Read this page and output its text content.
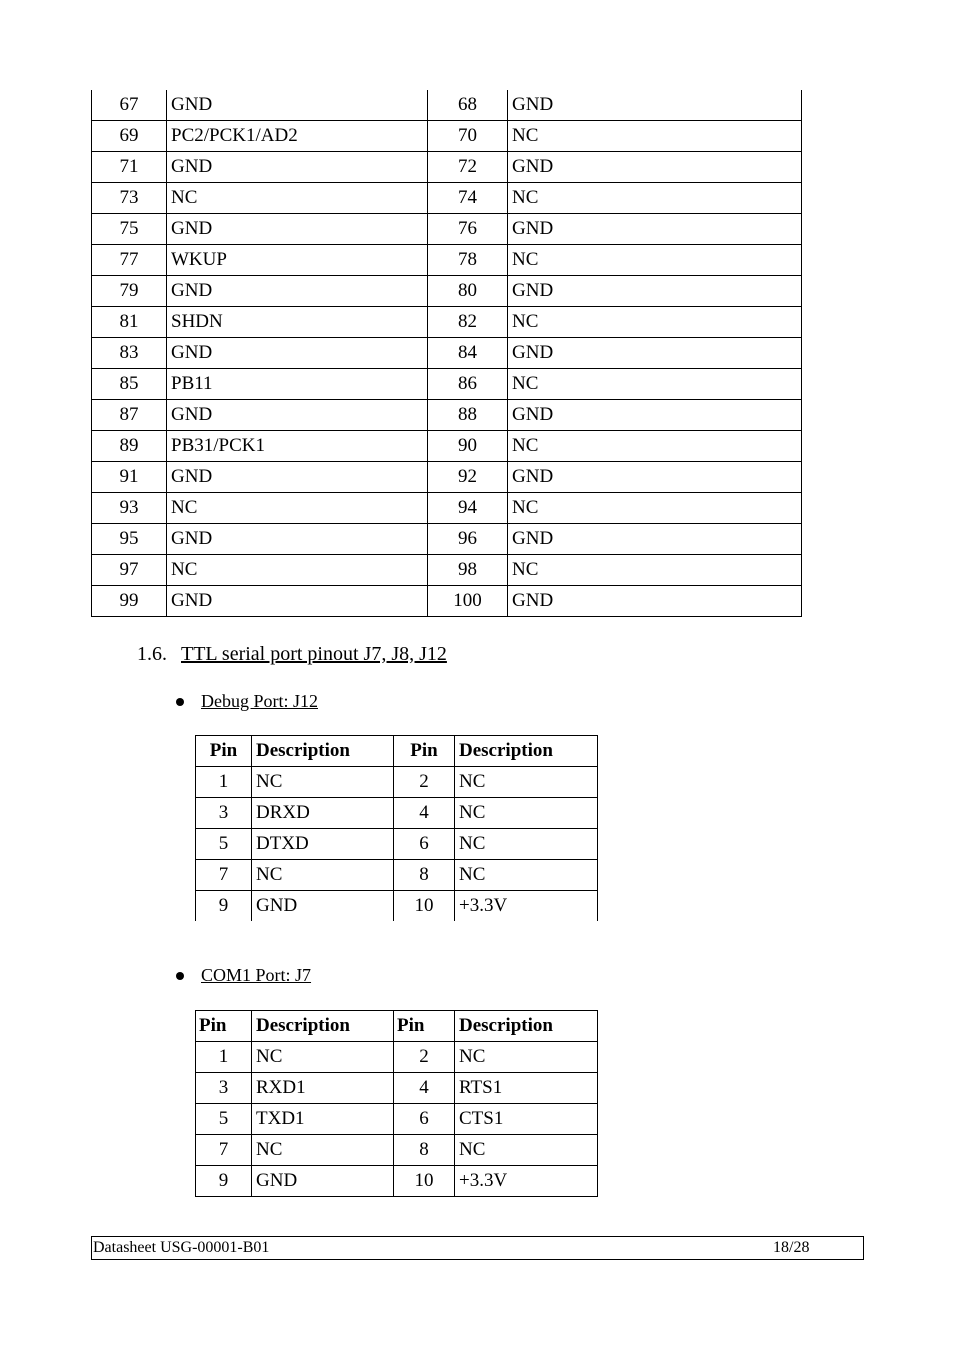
67	GND	68	GND
69	PC2/PCK1/AD2	70	NC
71	GND	72	GND
73	NC	74	NC
75	GND	76	GND
77	WKUP	78	NC
79	GND	80	GND
81	SHDN	82	NC
83	GND	84	GND
85	PB11	86	NC
87	GND	88	GND
89	PB31/PCK1	90	NC
91	GND	92	GND
93	NC	94	NC
95	GND	96	GND
97	NC	98	NC
99	GND	100	GND
1.6. TTL serial port pinout J7, J8, J12
Debug Port: J12
Pin	Description	Pin	Description
1	NC	2	NC
3	DRXD	4	NC
5	DTXD	6	NC
7	NC	8	NC
9	GND	10	+3.3V
COM1 Port: J7
Pin	Description	Pin	Description
1	NC	2	NC
3	RXD1	4	RTS1
5	TXD1	6	CTS1
7	NC	8	NC
9	GND	10	+3.3V
Datasheet USG-00001-B01	18/28
